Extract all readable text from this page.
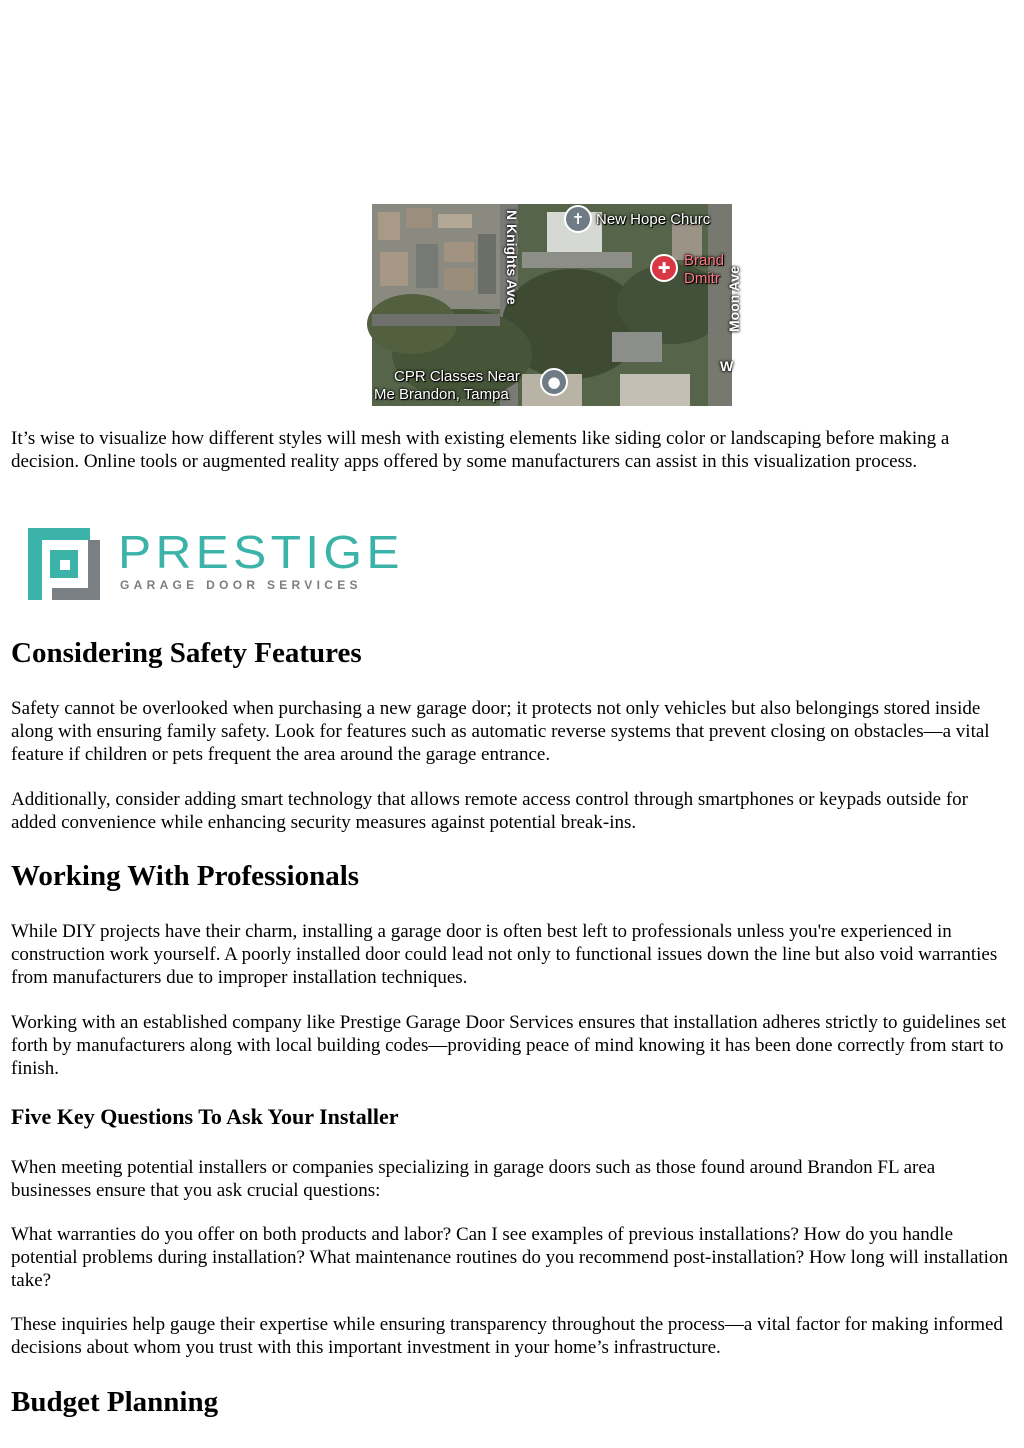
✝ New Hope Churc
✚ Brand
Dmitr
N Knights Ave	Moon Ave
W
●
CPR Classes Near
Me Brandon, Tampa

It’s wise to visualize how different styles will mesh with existing elements like siding color or landscaping before making a decision. Online tools or augmented reality apps offered by some manufacturers can assist in this visualization process.

PRESTIGE
GARAGE DOOR SERVICES
Considering Safety Features

Safety cannot be overlooked when purchasing a new garage door; it protects not only vehicles but also belongings stored inside along with ensuring family safety. Look for features such as automatic reverse systems that prevent closing on obstacles—a vital feature if children or pets frequent the area around the garage entrance.

Additionally, consider adding smart technology that allows remote access control through smartphones or keypads outside for added convenience while enhancing security measures against potential break-ins.

Working With Professionals

While DIY projects have their charm, installing a garage door is often best left to professionals unless you're experienced in construction work yourself. A poorly installed door could lead not only to functional issues down the line but also void warranties from manufacturers due to improper installation techniques.

Working with an established company like Prestige Garage Door Services ensures that installation adheres strictly to guidelines set forth by manufacturers along with local building codes—providing peace of mind knowing it has been done correctly from start to finish.

Five Key Questions To Ask Your Installer

When meeting potential installers or companies specializing in garage doors such as those found around Brandon FL area businesses ensure that you ask crucial questions:

What warranties do you offer on both products and labor? Can I see examples of previous installations? How do you handle potential problems during installation? What maintenance routines do you recommend post-installation? How long will installation take?

These inquiries help gauge their expertise while ensuring transparency throughout the process—a vital factor for making informed decisions about whom you trust with this important investment in your home’s infrastructure.

Budget Planning
